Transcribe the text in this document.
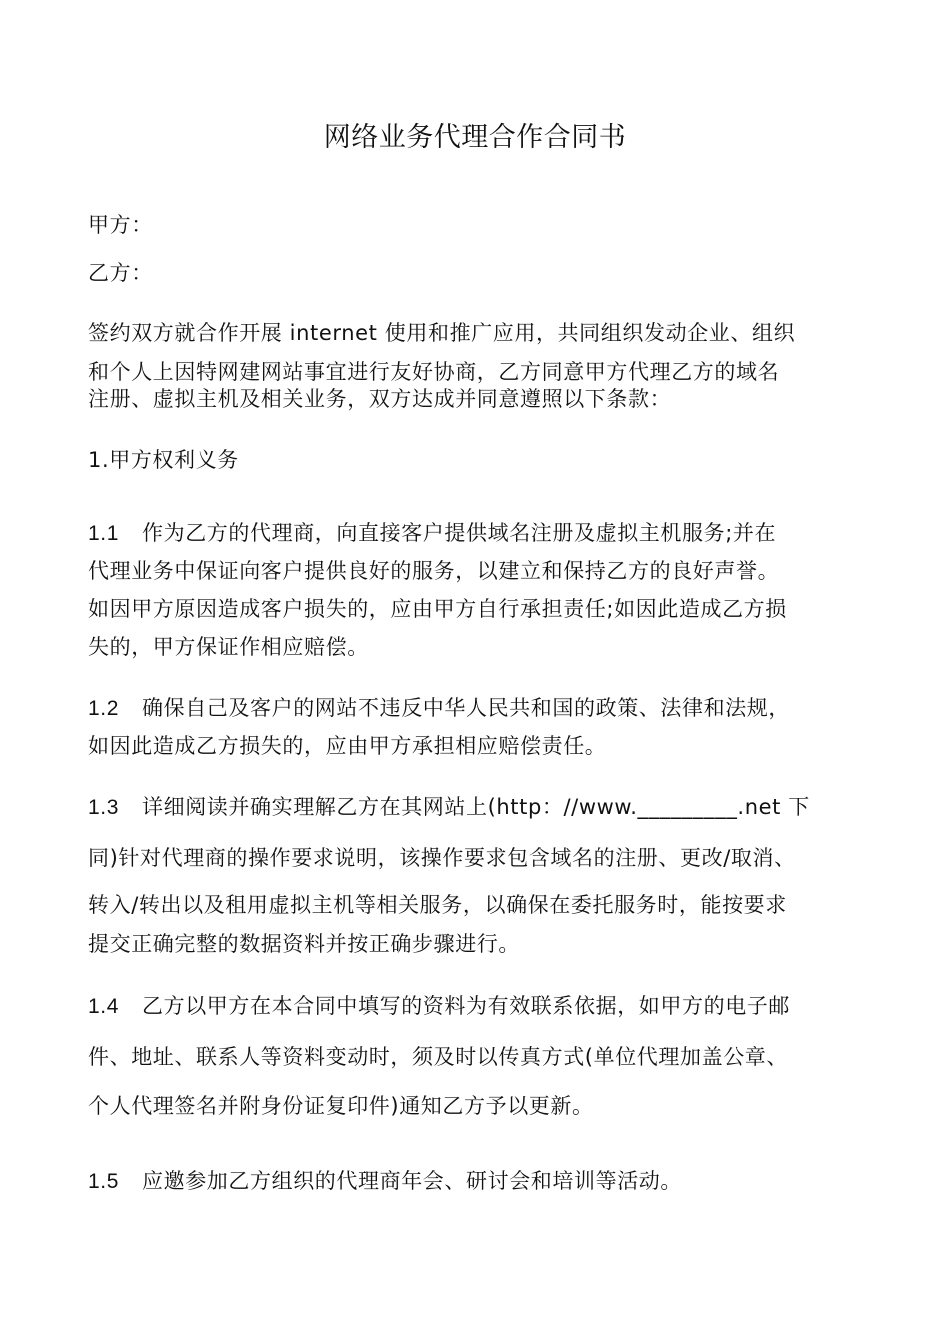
网络业务代理合作合同书
甲方：
乙方：
签约双方就合作开展 internet 使用和推广应用，共同组织发动企业、组织
和个人上因特网建网站事宜进行友好协商，乙方同意甲方代理乙方的域名
注册、虚拟主机及相关业务，双方达成并同意遵照以下条款：
1.甲方权利义务
1.1 作为乙方的代理商，向直接客户提供域名注册及虚拟主机服务;并在
代理业务中保证向客户提供良好的服务，以建立和保持乙方的良好声誉。
如因甲方原因造成客户损失的，应由甲方自行承担责任;如因此造成乙方损
失的，甲方保证作相应赔偿。
1.2 确保自己及客户的网站不违反中华人民共和国的政策、法律和法规，
如因此造成乙方损失的，应由甲方承担相应赔偿责任。
1.3 详细阅读并确实理解乙方在其网站上(http：//www._________.net 下
同)针对代理商的操作要求说明，该操作要求包含域名的注册、更改/取消、
转入/转出以及租用虚拟主机等相关服务，以确保在委托服务时，能按要求
提交正确完整的数据资料并按正确步骤进行。
1.4 乙方以甲方在本合同中填写的资料为有效联系依据，如甲方的电子邮
件、地址、联系人等资料变动时，须及时以传真方式(单位代理加盖公章、
个人代理签名并附身份证复印件)通知乙方予以更新。
1.5 应邀参加乙方组织的代理商年会、研讨会和培训等活动。
